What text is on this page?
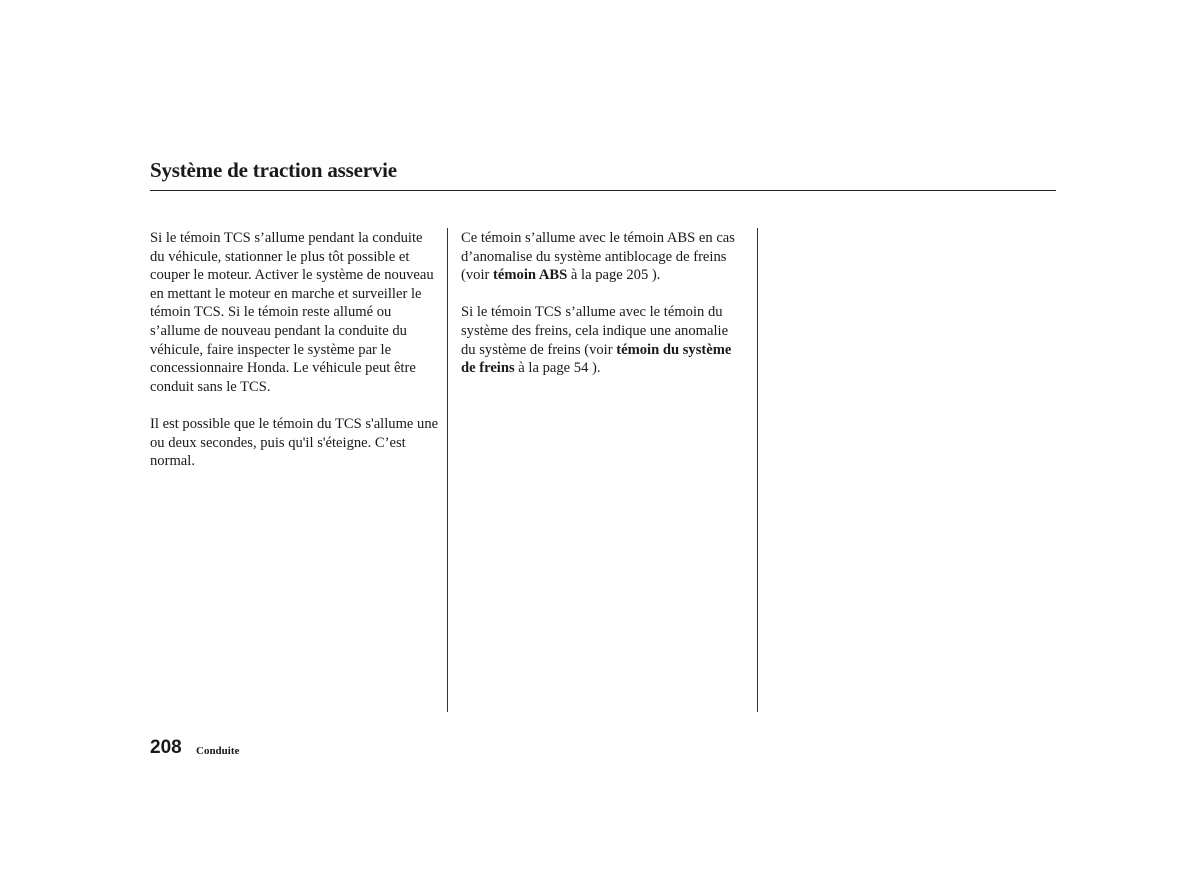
Système de traction asservie

Si le témoin TCS s’allume pendant la conduite du véhicule, stationner le plus tôt possible et couper le moteur. Activer le système de nouveau en mettant le moteur en marche et surveiller le témoin TCS. Si le témoin reste allumé ou s’allume de nouveau pendant la conduite du véhicule, faire inspecter le système par le concessionnaire Honda. Le véhicule peut être conduit sans le TCS.

Il est possible que le témoin du TCS s'allume une ou deux secondes, puis qu'il s'éteigne. C’est normal.

Ce témoin s’allume avec le témoin ABS en cas d’anomalise du système antiblocage de freins (voir témoin ABS à la page 205 ).

Si le témoin TCS s’allume avec le témoin du système des freins, cela indique une anomalie du système de freins (voir témoin du système de freins à la page 54 ).

208 Conduite
